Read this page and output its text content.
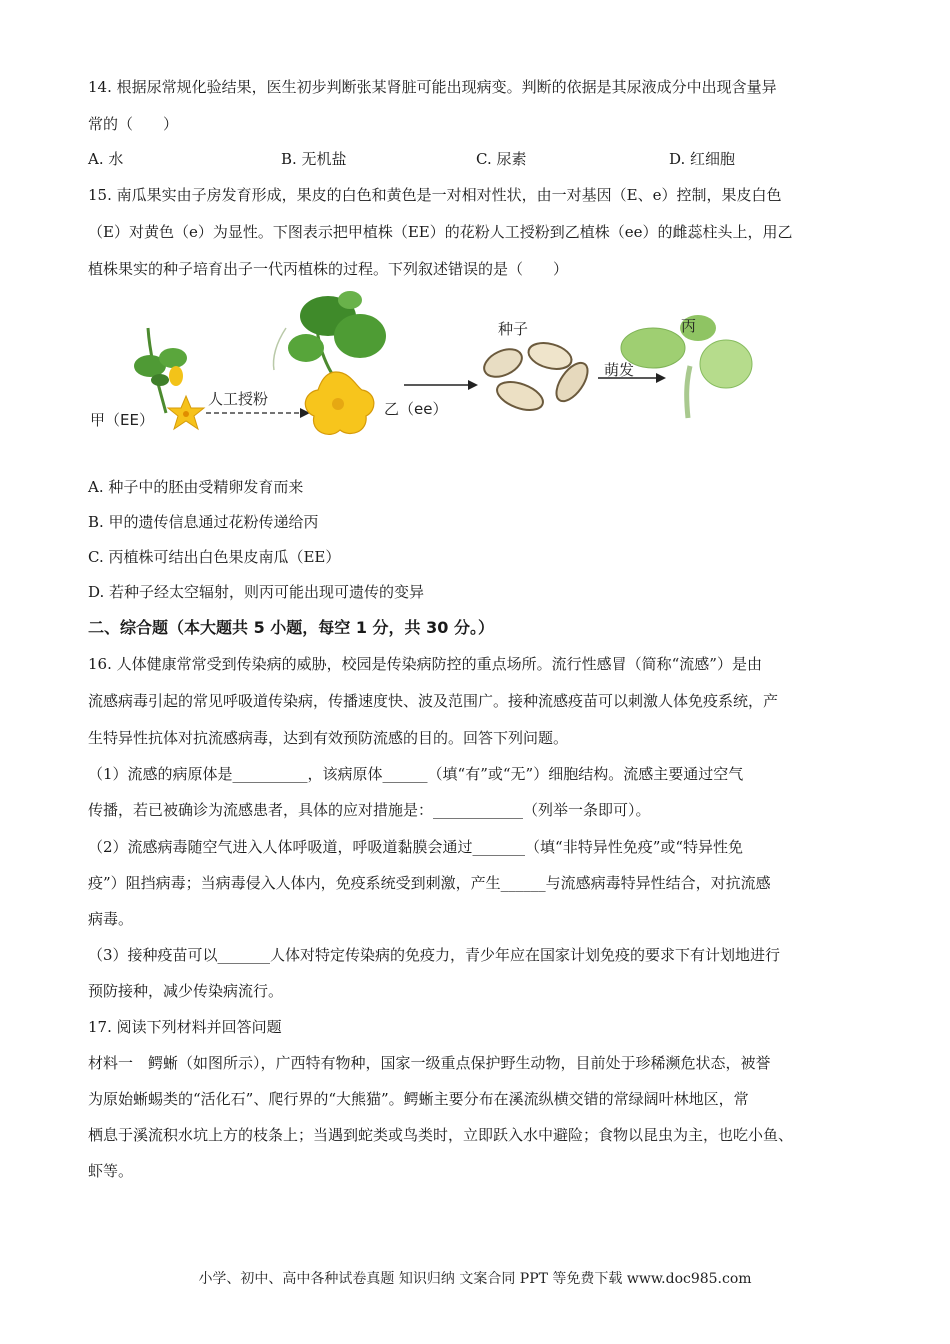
14. 根据尿常规化验结果，医生初步判断张某肾脏可能出现病变。判断的依据是其尿液成分中出现含量异
常的（　　）
A. 水	B. 无机盐	C. 尿素	D. 红细胞
15. 南瓜果实由子房发育形成，果皮的白色和黄色是一对相对性状，由一对基因（E、e）控制，果皮白色
（E）对黄色（e）为显性。下图表示把甲植株（EE）的花粉人工授粉到乙植株（ee）的雌蕊柱头上，用乙
植株果实的种子培育出子一代丙植株的过程。下列叙述错误的是（　　）
甲（EE）
人工授粉
乙（ee）
种子	丙
萌发
A. 种子中的胚由受精卵发育而来
B. 甲的遗传信息通过花粉传递给丙
C. 丙植株可结出白色果皮南瓜（EE）
D. 若种子经太空辐射，则丙可能出现可遗传的变异
二、综合题（本大题共 5 小题，每空 1 分，共 30 分。）
16. 人体健康常常受到传染病的威胁，校园是传染病防控的重点场所。流行性感冒（简称“流感”）是由
流感病毒引起的常见呼吸道传染病，传播速度快、波及范围广。接种流感疫苗可以刺激人体免疫系统，产
生特异性抗体对抗流感病毒，达到有效预防流感的目的。回答下列问题。
（1）流感的病原体是__________，该病原体______（填“有”或“无”）细胞结构。流感主要通过空气
传播，若已被确诊为流感患者，具体的应对措施是：____________（列举一条即可）。
（2）流感病毒随空气进入人体呼吸道，呼吸道黏膜会通过_______（填“非特异性免疫”或“特异性免
疫”）阻挡病毒；当病毒侵入人体内，免疫系统受到刺激，产生______与流感病毒特异性结合，对抗流感
病毒。
（3）接种疫苗可以_______人体对特定传染病的免疫力，青少年应在国家计划免疫的要求下有计划地进行
预防接种，减少传染病流行。
17. 阅读下列材料并回答问题
材料一　鳄蜥（如图所示），广西特有物种，国家一级重点保护野生动物，目前处于珍稀濒危状态，被誉
为原始蜥蜴类的“活化石”、爬行界的“大熊猫”。鳄蜥主要分布在溪流纵横交错的常绿阔叶林地区，常
栖息于溪流积水坑上方的枝条上；当遇到蛇类或鸟类时，立即跃入水中避险；食物以昆虫为主，也吃小鱼、
虾等。
小学、初中、高中各种试卷真题 知识归纳 文案合同 PPT 等免费下载 www.doc985.com
